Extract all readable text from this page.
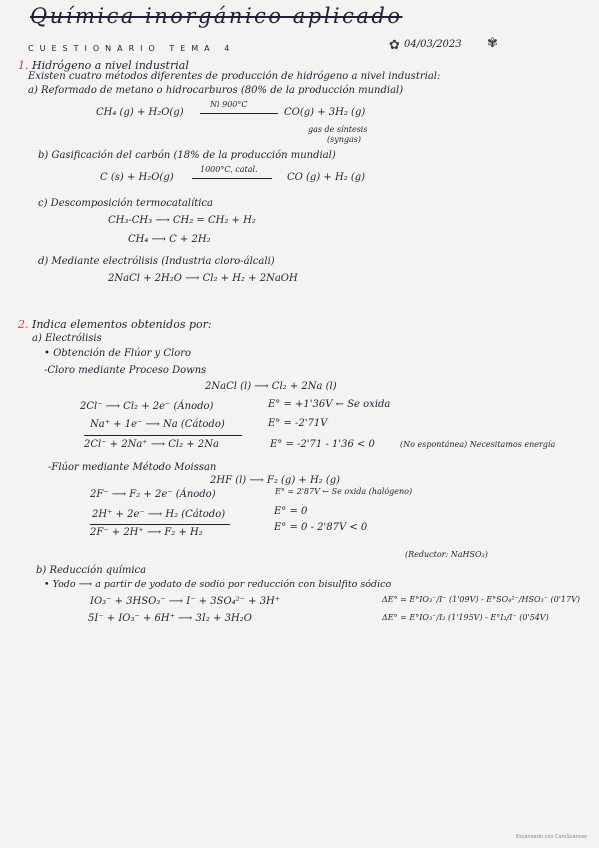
Química inorgánico aplicado
CUESTIONARIO TEMA 4	✿ 04/03/2023 ✾
1. Hidrógeno a nivel industrial
Existen cuatro métodos diferentes de producción de hidrógeno a nivel industrial:
a) Reformado de metano o hidrocarburos (80% de la producción mundial)
CH₄ (g) + H₂O(g)
Ni 900°C
CO(g) + 3H₂ (g)
gas de síntesis
(syngas)
b) Gasificación del carbón (18% de la producción mundial)
C (s) + H₂O(g)
1000°C, catal.
CO (g) + H₂ (g)
c) Descomposición termocatalítica
CH₃-CH₃ ⟶ CH₂ = CH₂ + H₂
CH₄ ⟶ C + 2H₂
d) Mediante electrólisis (Industria cloro-álcali)
2NaCl + 2H₂O ⟶ Cl₂ + H₂ + 2NaOH
2. Indica elementos obtenidos por:
a) Electrólisis
• Obtención de Flúor y Cloro
-Cloro mediante Proceso Downs
2NaCl (l) ⟶ Cl₂ + 2Na (l)
2Cl⁻ ⟶ Cl₂ + 2e⁻ (Ánodo)	E° = +1'36V ← Se oxida
Na⁺ + 1e⁻ ⟶ Na (Cátodo)	E° = -2'71V
2Cl⁻ + 2Na⁺ ⟶ Cl₂ + 2Na	E° = -2'71 - 1'36 < 0	(No espontánea) Necesitamos energía
-Flúor mediante Método Moissan
2HF (l) ⟶ F₂ (g) + H₂ (g)
2F⁻ ⟶ F₂ + 2e⁻ (Ánodo)	E° = 2'87V ← Se oxida (halógeno)
2H⁺ + 2e⁻ ⟶ H₂ (Cátodo)	E° = 0
2F⁻ + 2H⁺ ⟶ F₂ + H₂	E° = 0 - 2'87V < 0
(Reductor: NaHSO₃)
b) Reducción química
• Yodo ⟶ a partir de yodato de sodio por reducción con bisulfito sódico
IO₃⁻ + 3HSO₃⁻ ⟶ I⁻ + 3SO₄²⁻ + 3H⁺	ΔE° = E°IO₃⁻/I⁻ (1'09V) - E°SO₄²⁻/HSO₃⁻ (0'17V)
5I⁻ + IO₃⁻ + 6H⁺ ⟶ 3I₂ + 3H₂O	ΔE° = E°IO₃⁻/I₂ (1'195V) - E°I₂/I⁻ (0'54V)
Escaneado con CamScanner
